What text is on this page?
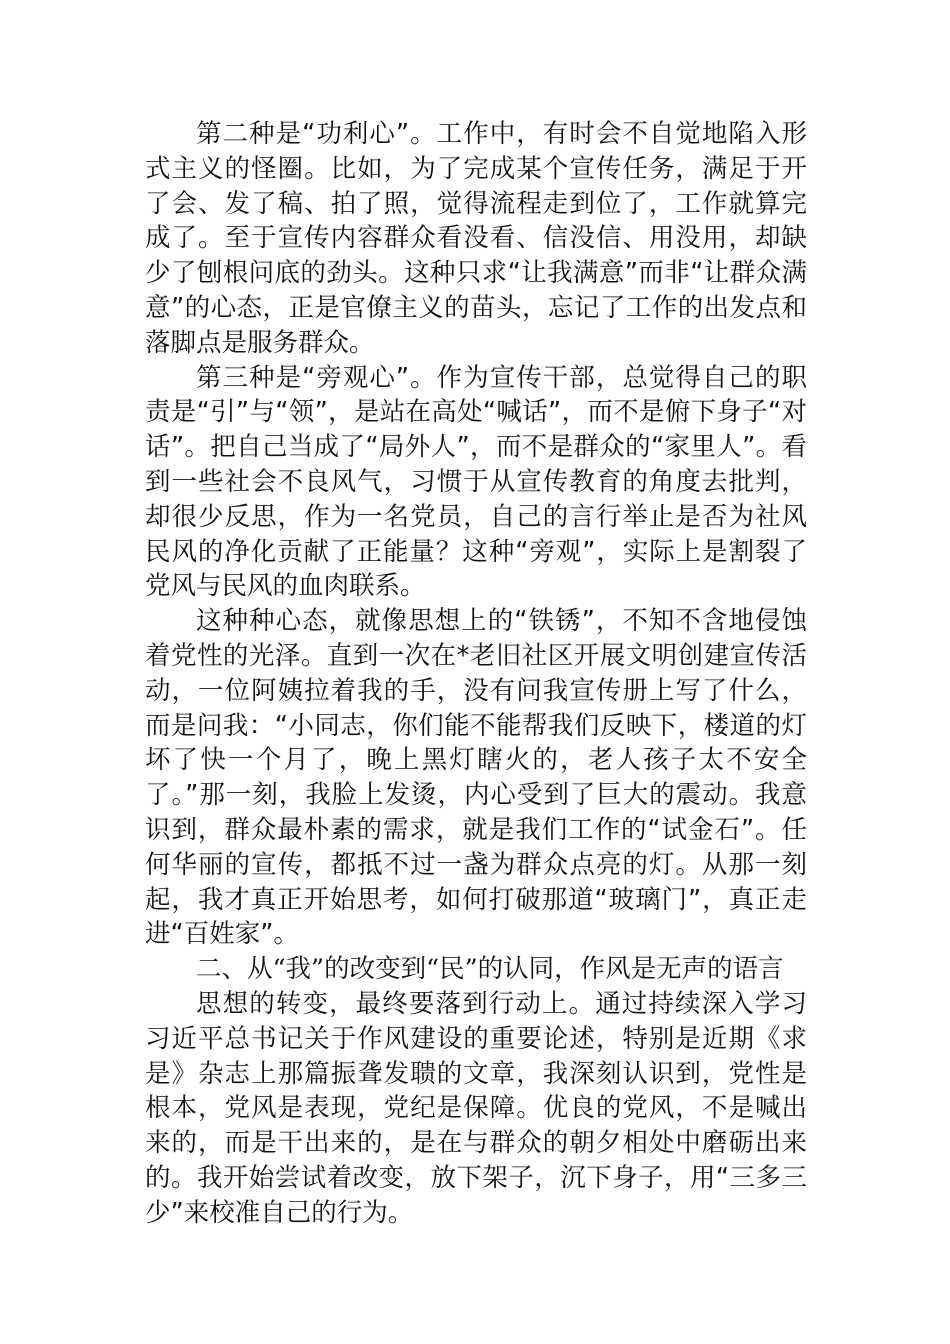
第二种是“功利心”。工作中，有时会不自觉地陷入形式主义的怪圈。比如，为了完成某个宣传任务，满足于开了会、发了稿、拍了照，觉得流程走到位了，工作就算完成了。至于宣传内容群众看没看、信没信、用没用，却缺少了刨根问底的劲头。这种只求“让我满意”而非“让群众满意”的心态，正是官僚主义的苗头，忘记了工作的出发点和落脚点是服务群众。

第三种是“旁观心”。作为宣传干部，总觉得自己的职责是“引”与“领”，是站在高处“喊话”，而不是俯下身子“对话”。把自己当成了“局外人”，而不是群众的“家里人”。看到一些社会不良风气，习惯于从宣传教育的角度去批判，却很少反思，作为一名党员，自己的言行举止是否为社风民风的净化贡献了正能量？这种“旁观”，实际上是割裂了党风与民风的血肉联系。

这种种心态，就像思想上的“铁锈”，不知不含地侵蚀着党性的光泽。直到一次在*老旧社区开展文明创建宣传活动，一位阿姨拉着我的手，没有问我宣传册上写了什么，而是问我：“小同志，你们能不能帮我们反映下，楼道的灯坏了快一个月了，晚上黑灯瞎火的，老人孩子太不安全了。”那一刻，我脸上发烫，内心受到了巨大的震动。我意识到，群众最朴素的需求，就是我们工作的“试金石”。任何华丽的宣传，都抵不过一盏为群众点亮的灯。从那一刻起，我才真正开始思考，如何打破那道“玻璃门”，真正走进“百姓家”。

二、从“我”的改变到“民”的认同，作风是无声的语言

思想的转变，最终要落到行动上。通过持续深入学习习近平总书记关于作风建设的重要论述，特别是近期《求是》杂志上那篇振聋发聩的文章，我深刻认识到，党性是根本，党风是表现，党纪是保障。优良的党风，不是喊出来的，而是干出来的，是在与群众的朝夕相处中磨砺出来的。我开始尝试着改变，放下架子，沉下身子，用“三多三少”来校准自己的行为。
